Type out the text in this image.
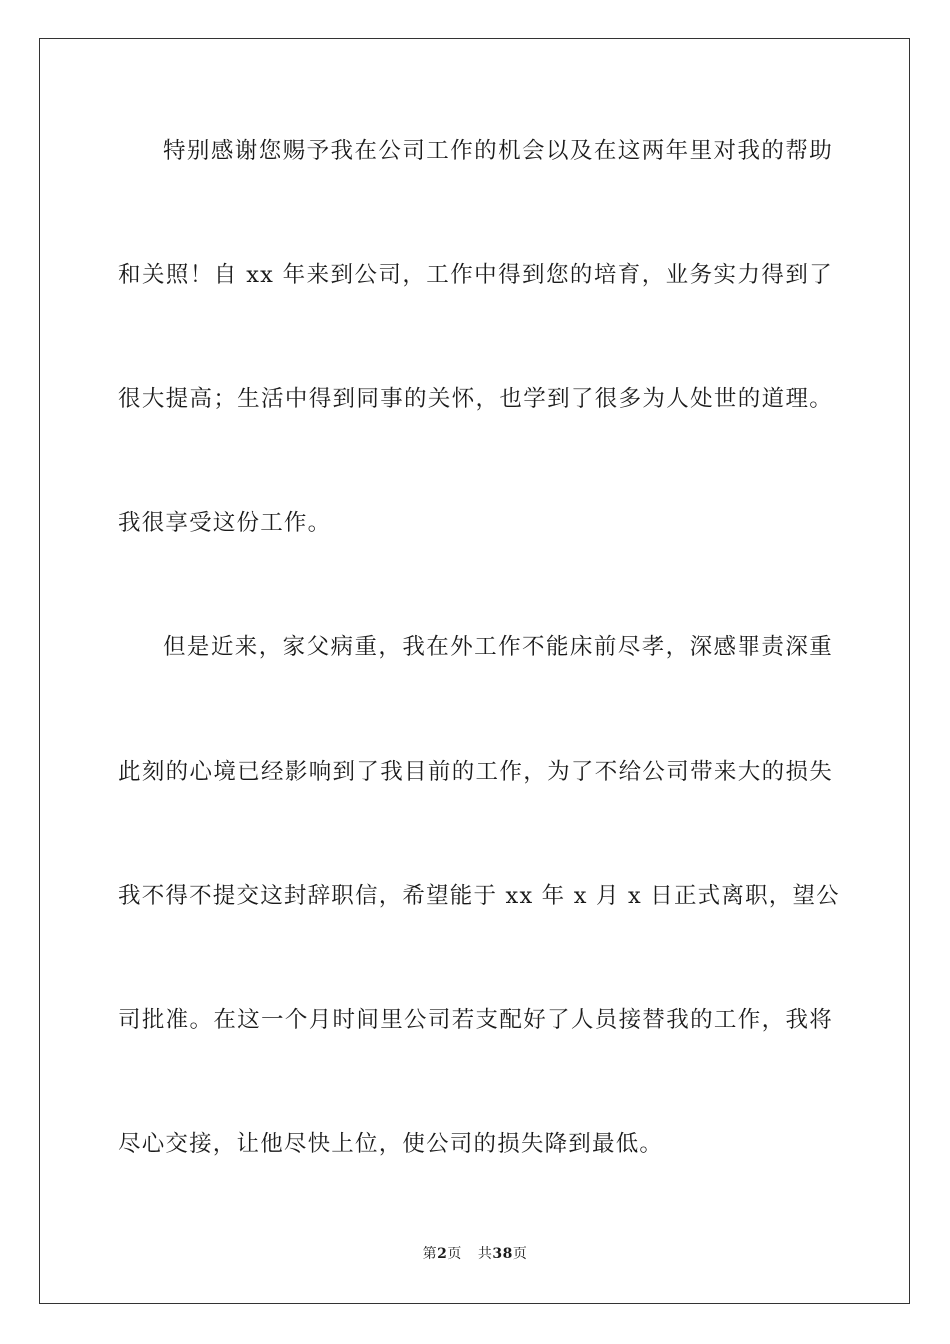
特别感谢您赐予我在公司工作的机会以及在这两年里对我的帮助
和关照！自 xx 年来到公司，工作中得到您的培育，业务实力得到了
很大提高；生活中得到同事的关怀，也学到了很多为人处世的道理。
我很享受这份工作。
但是近来，家父病重，我在外工作不能床前尽孝，深感罪责深重
此刻的心境已经影响到了我目前的工作，为了不给公司带来大的损失
我不得不提交这封辞职信，希望能于 xx 年 x 月 x 日正式离职，望公
司批准。在这一个月时间里公司若支配好了人员接替我的工作，我将
尽心交接，让他尽快上位，使公司的损失降到最低。
第2页 共38页
